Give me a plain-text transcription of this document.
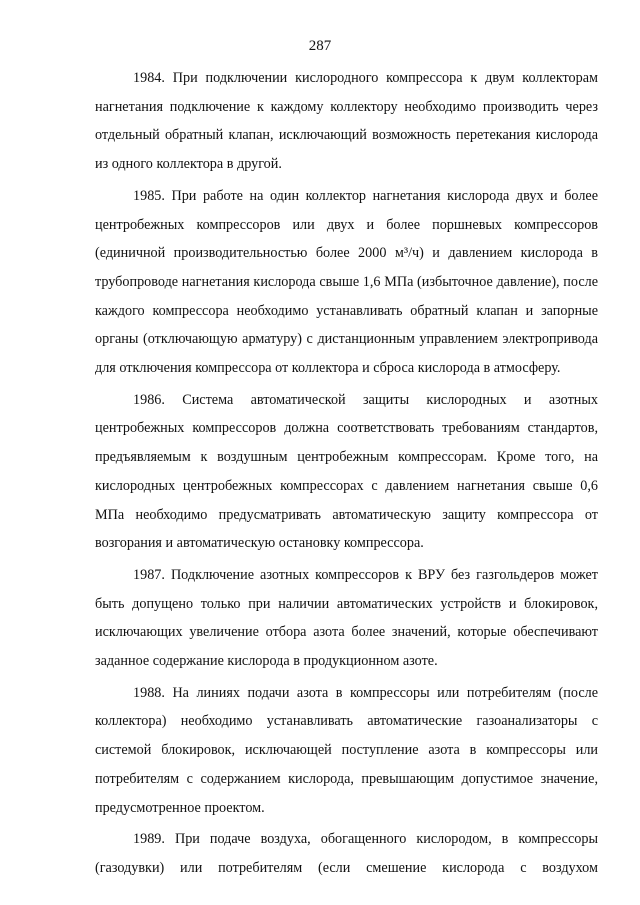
287

1984. При подключении кислородного компрессора к двум коллекторам нагнетания подключение к каждому коллектору необходимо производить через отдельный обратный клапан, исключающий возможность перетекания кислорода из одного коллектора в другой.

1985. При работе на один коллектор нагнетания кислорода двух и более центробежных компрессоров или двух и более поршневых компрессоров (единичной производительностью более 2000 м³/ч) и давлением кислорода в трубопроводе нагнетания кислорода свыше 1,6 МПа (избыточное давление), после каждого компрессора необходимо устанавливать обратный клапан и запорные органы (отключающую арматуру) с дистанционным управлением электропривода для отключения компрессора от коллектора и сброса кислорода в атмосферу.

1986. Система автоматической защиты кислородных и азотных центробежных компрессоров должна соответствовать требованиям стандартов, предъявляемым к воздушным центробежным компрессорам. Кроме того, на кислородных центробежных компрессорах с давлением нагнетания свыше 0,6 МПа необходимо предусматривать автоматическую защиту компрессора от возгорания и автоматическую остановку компрессора.

1987. Подключение азотных компрессоров к ВРУ без газгольдеров может быть допущено только при наличии автоматических устройств и блокировок, исключающих увеличение отбора азота более значений, которые обеспечивают заданное содержание кислорода в продукционном азоте.

1988. На линиях подачи азота в компрессоры или потребителям (после коллектора) необходимо устанавливать автоматические газоанализаторы с системой блокировок, исключающей поступление азота в компрессоры или потребителям с содержанием кислорода, превышающим допустимое значение, предусмотренное проектом.

1989. При подаче воздуха, обогащенного кислородом, в компрессоры (газодувки) или потребителям (если смешение кислорода с воздухом
